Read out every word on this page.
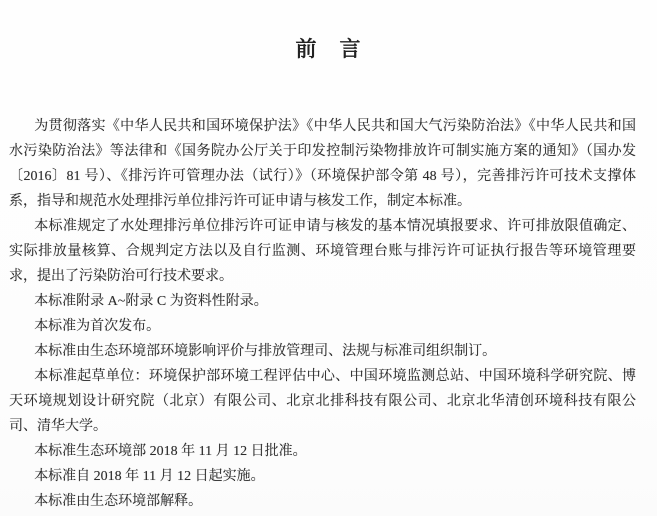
前　言

为贯彻落实《中华人民共和国环境保护法》《中华人民共和国大气污染防治法》《中华人民共和国水污染防治法》等法律和《国务院办公厅关于印发控制污染物排放许可制实施方案的通知》（国办发〔2016〕81 号）、《排污许可管理办法（试行）》（环境保护部令第 48 号），完善排污许可技术支撑体系，指导和规范水处理排污单位排污许可证申请与核发工作，制定本标准。

本标准规定了水处理排污单位排污许可证申请与核发的基本情况填报要求、许可排放限值确定、实际排放量核算、合规判定方法以及自行监测、环境管理台账与排污许可证执行报告等环境管理要求，提出了污染防治可行技术要求。

本标准附录 A~附录 C 为资料性附录。

本标准为首次发布。

本标准由生态环境部环境影响评价与排放管理司、法规与标准司组织制订。

本标准起草单位：环境保护部环境工程评估中心、中国环境监测总站、中国环境科学研究院、博天环境规划设计研究院（北京）有限公司、北京北排科技有限公司、北京北华清创环境科技有限公司、清华大学。

本标准生态环境部 2018 年 11 月 12 日批准。

本标准自 2018 年 11 月 12 日起实施。

本标准由生态环境部解释。
